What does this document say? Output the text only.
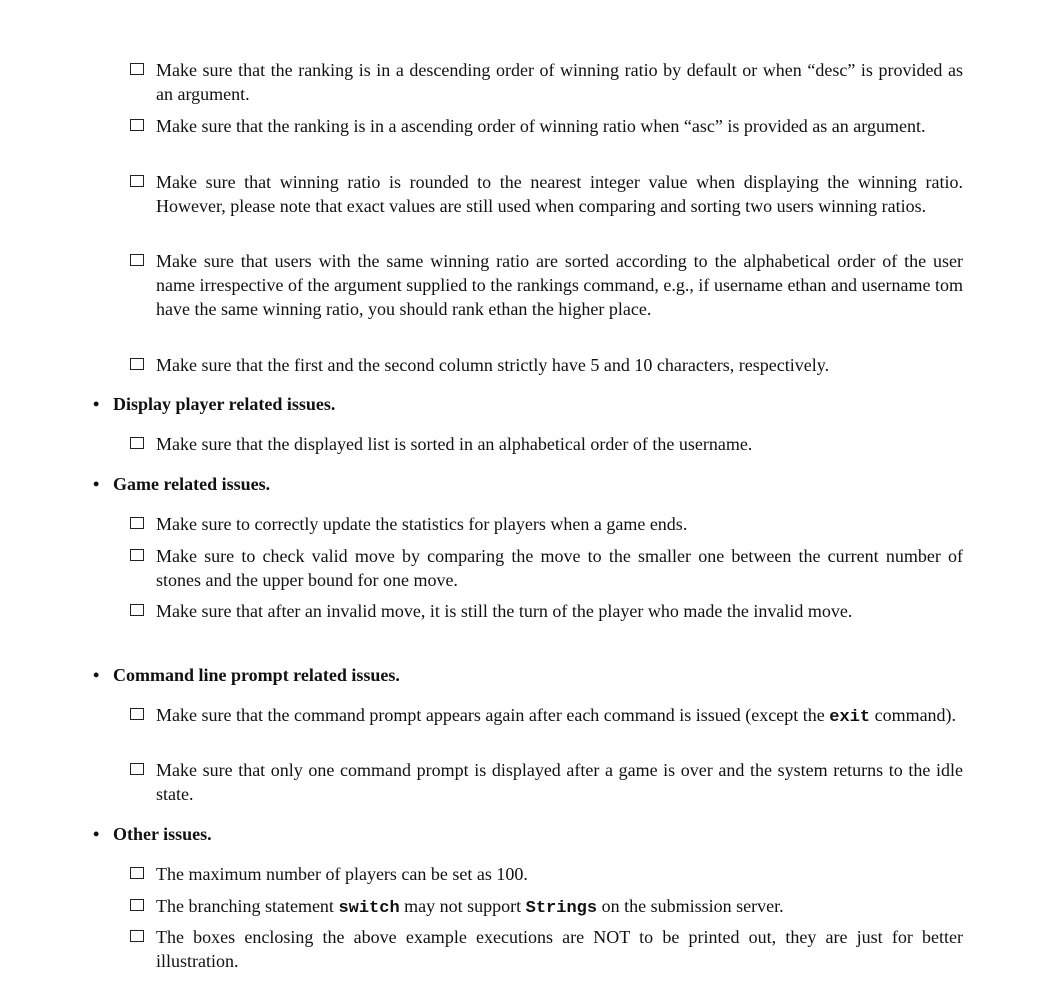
Make sure that the ranking is in a descending order of winning ratio by default or when “desc” is provided as an argument.
Make sure that the ranking is in a ascending order of winning ratio when “asc” is provided as an argument.
Make sure that winning ratio is rounded to the nearest integer value when displaying the winning ratio. However, please note that exact values are still used when comparing and sorting two users winning ratios.
Make sure that users with the same winning ratio are sorted according to the alphabetical order of the user name irrespective of the argument supplied to the rankings command, e.g., if username ethan and username tom have the same winning ratio, you should rank ethan the higher place.
Make sure that the first and the second column strictly have 5 and 10 characters, respectively.
• Display player related issues.
Make sure that the displayed list is sorted in an alphabetical order of the username.
• Game related issues.
Make sure to correctly update the statistics for players when a game ends.
Make sure to check valid move by comparing the move to the smaller one between the current number of stones and the upper bound for one move.
Make sure that after an invalid move, it is still the turn of the player who made the invalid move.
• Command line prompt related issues.
Make sure that the command prompt appears again after each command is issued (except the exit command).
Make sure that only one command prompt is displayed after a game is over and the system returns to the idle state.
• Other issues.
The maximum number of players can be set as 100.
The branching statement switch may not support Strings on the submission server.
The boxes enclosing the above example executions are NOT to be printed out, they are just for better illustration.
